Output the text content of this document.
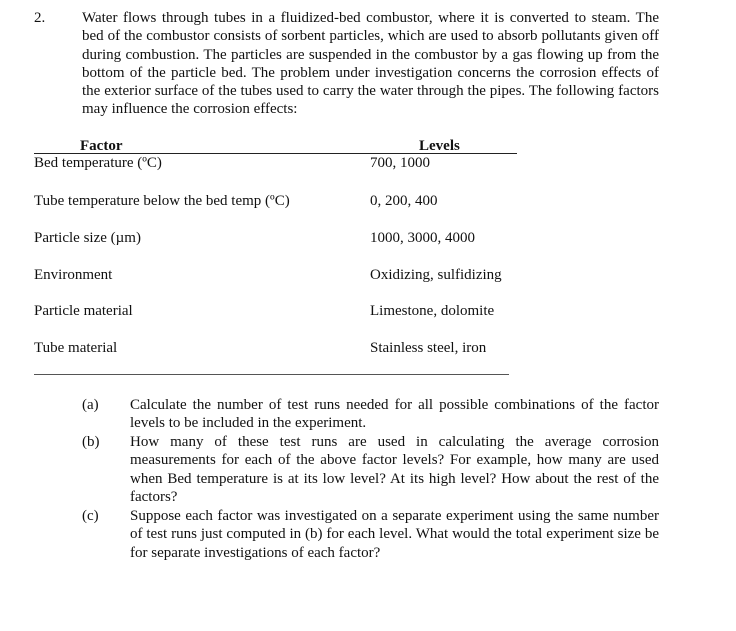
2. Water flows through tubes in a fluidized-bed combustor, where it is converted to steam. The bed of the combustor consists of sorbent particles, which are used to absorb pollutants given off during combustion. The particles are suspended in the combustor by a gas flowing up from the bottom of the particle bed. The problem under investigation concerns the corrosion effects of the exterior surface of the tubes used to carry the water through the pipes. The following factors may influence the corrosion effects:
Factor	Levels
Bed temperature (ºC)	700, 1000
Tube temperature below the bed temp (ºC)	0, 200, 400
Particle size (µm)	1000, 3000, 4000
Environment	Oxidizing, sulfidizing
Particle material	Limestone, dolomite
Tube material	Stainless steel, iron
(a) Calculate the number of test runs needed for all possible combinations of the factor levels to be included in the experiment.
(b) How many of these test runs are used in calculating the average corrosion measurements for each of the above factor levels? For example, how many are used when Bed temperature is at its low level? At its high level? How about the rest of the factors?
(c) Suppose each factor was investigated on a separate experiment using the same number of test runs just computed in (b) for each level. What would the total experiment size be for separate investigations of each factor?
